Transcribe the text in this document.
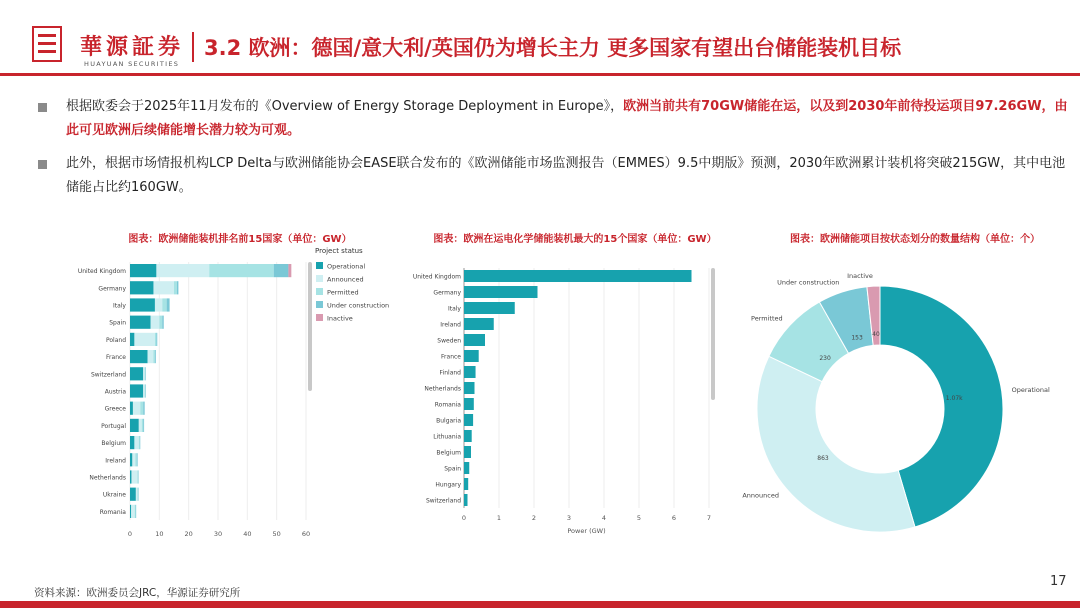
華源証券
HUAYUAN SECURITIES
3.2 欧洲：德国/意大利/英国仍为增长主力 更多国家有望出台储能装机目标
根据欧委会于2025年11月发布的《Overview of Energy Storage Deployment in Europe》，欧洲当前共有70GW储能在运，以及到2030年前待投运项目97.26GW，由此可见欧洲后续储能增长潜力较为可观。
此外，根据市场情报机构LCP Delta与欧洲储能协会EASE联合发布的《欧洲储能市场监测报告（EMMES）9.5中期版》预测，2030年欧洲累计装机将突破215GW，其中电池储能占比约160GW。
图表：欧洲储能装机排名前15国家（单位：GW）	图表：欧洲在运电化学储能装机最大的15个国家（单位：GW）	图表：欧洲储能项目按状态划分的数量结构（单位：个）
0	10	20	30	40	50	60
United Kingdom
Germany
Italy
Spain
Poland
France
Switzerland
Austria
Greece
Portugal
Belgium
Ireland
Netherlands
Ukraine
Romania
Project status
Operational
Announced
Permitted
Under construction
Inactive
0	1	2	3	4	5	6	7
United Kingdom
Germany
Italy
Ireland
Sweden
France
Finland
Netherlands
Romania
Bulgaria
Lithuania
Belgium
Spain
Hungary
Switzerland
Power (GW)
1.07k
Operational
863
Announced
230
Permitted
153
Under construction
40
Inactive
资料来源：欧洲委员会JRC，华源证券研究所
17
